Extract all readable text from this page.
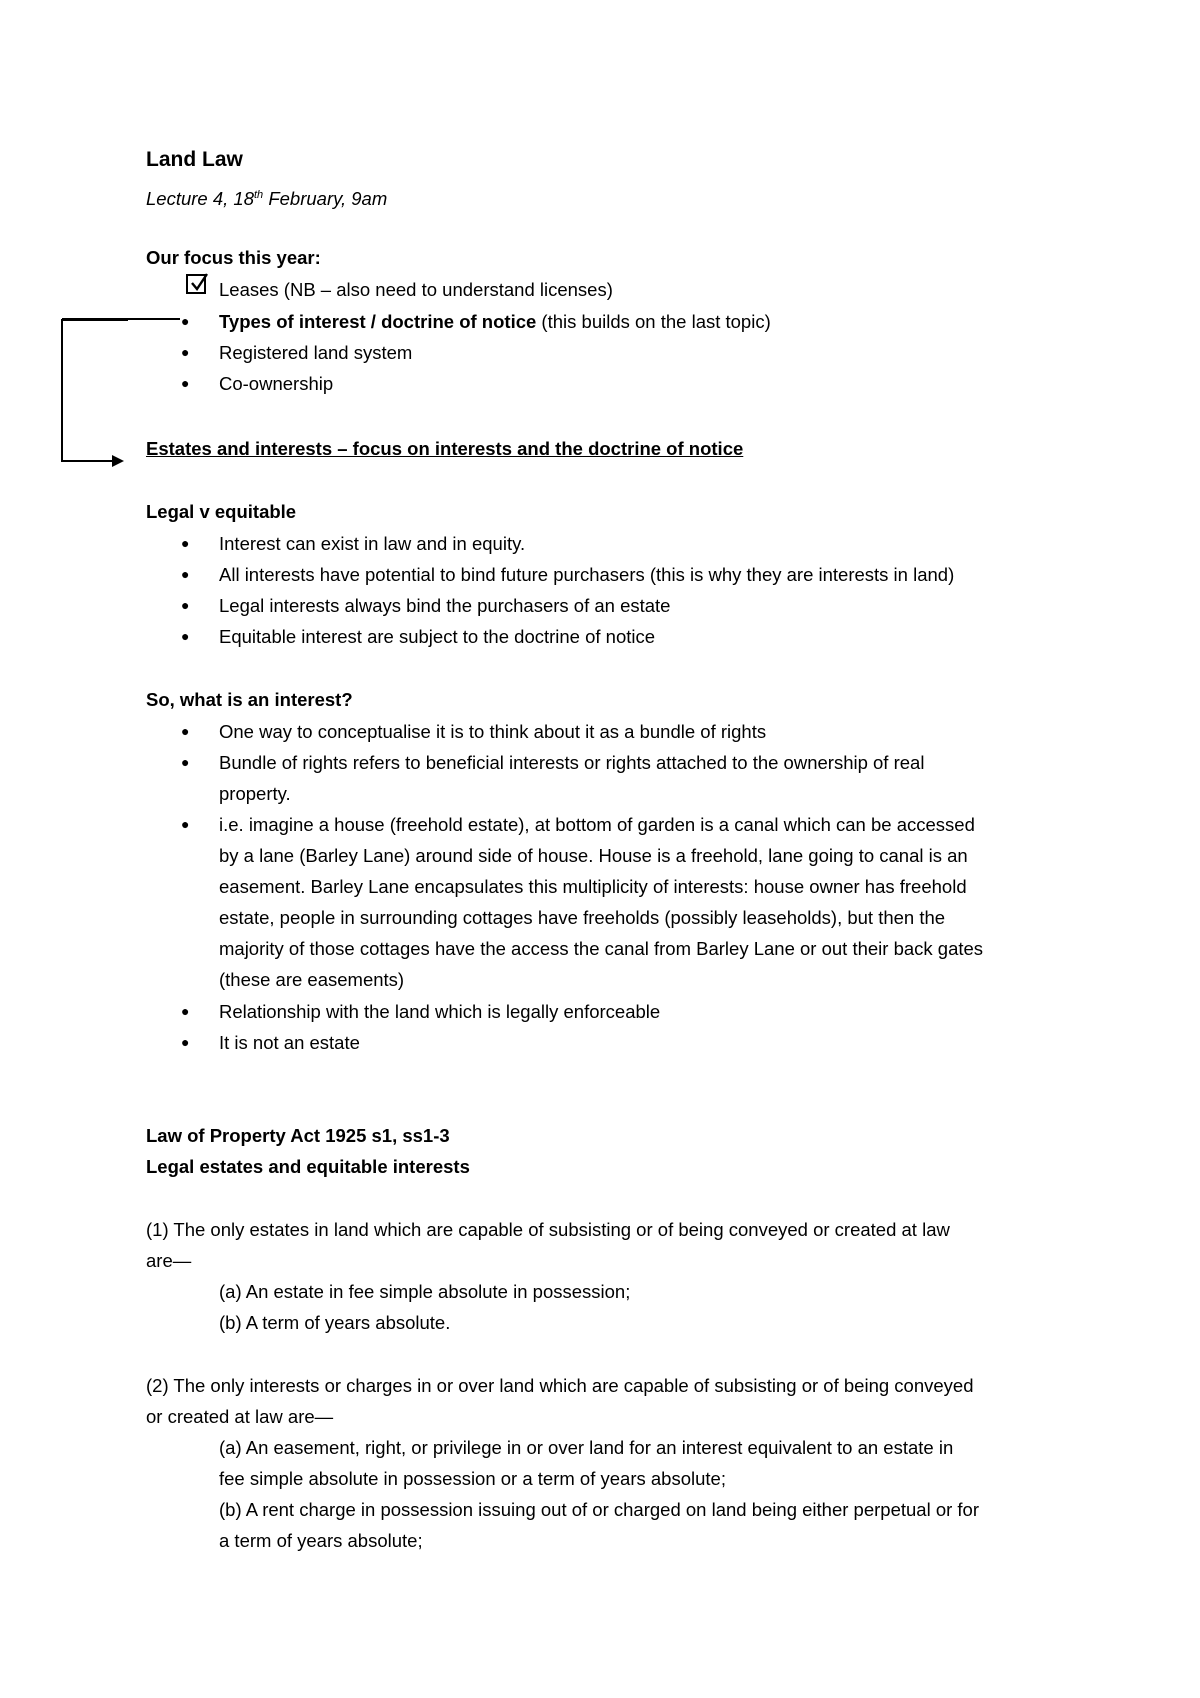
Land Law
Lecture 4, 18th February, 9am
Our focus this year:
Leases (NB – also need to understand licenses)
● Types of interest / doctrine of notice (this builds on the last topic)
● Registered land system
● Co-ownership
Estates and interests – focus on interests and the doctrine of notice
Legal v equitable
● Interest can exist in law and in equity.
● All interests have potential to bind future purchasers (this is why they are interests in land)
● Legal interests always bind the purchasers of an estate
● Equitable interest are subject to the doctrine of notice
So, what is an interest?
● One way to conceptualise it is to think about it as a bundle of rights
● Bundle of rights refers to beneficial interests or rights attached to the ownership of real
property.
● i.e. imagine a house (freehold estate), at bottom of garden is a canal which can be accessed
by a lane (Barley Lane) around side of house. House is a freehold, lane going to canal is an
easement. Barley Lane encapsulates this multiplicity of interests: house owner has freehold
estate, people in surrounding cottages have freeholds (possibly leaseholds), but then the
majority of those cottages have the access the canal from Barley Lane or out their back gates
(these are easements)
● Relationship with the land which is legally enforceable
● It is not an estate
Law of Property Act 1925 s1, ss1-3
Legal estates and equitable interests
(1) The only estates in land which are capable of subsisting or of being conveyed or created at law
are—
(a) An estate in fee simple absolute in possession;
(b) A term of years absolute.
(2) The only interests or charges in or over land which are capable of subsisting or of being conveyed
or created at law are—
(a) An easement, right, or privilege in or over land for an interest equivalent to an estate in
fee simple absolute in possession or a term of years absolute;
(b) A rent charge in possession issuing out of or charged on land being either perpetual or for
a term of years absolute;
